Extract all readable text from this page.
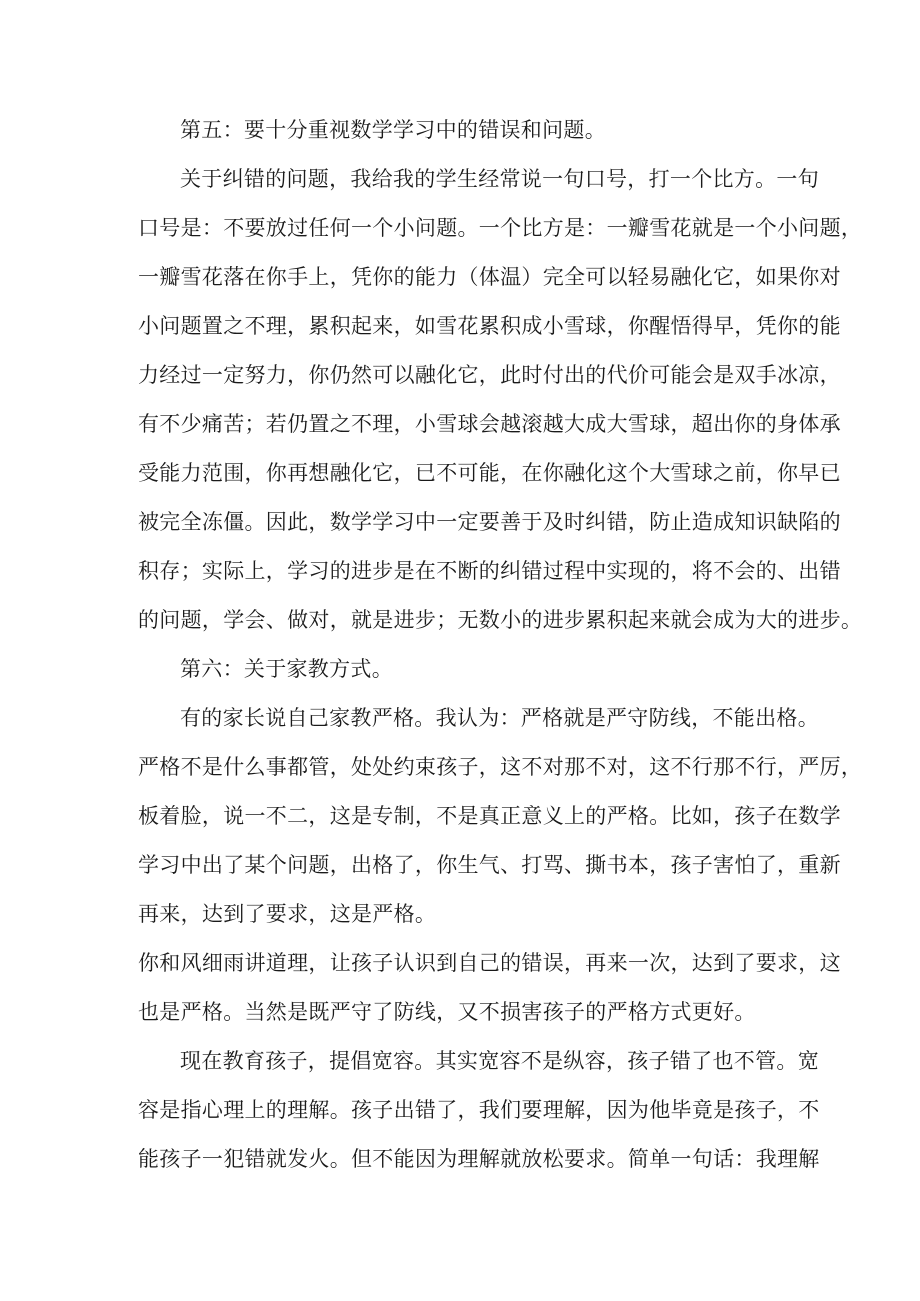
第五：要十分重视数学学习中的错误和问题。
关于纠错的问题，我给我的学生经常说一句口号，打一个比方。一句
口号是：不要放过任何一个小问题。一个比方是：一瓣雪花就是一个小问题，
一瓣雪花落在你手上，凭你的能力（体温）完全可以轻易融化它，如果你对
小问题置之不理，累积起来，如雪花累积成小雪球，你醒悟得早，凭你的能
力经过一定努力，你仍然可以融化它，此时付出的代价可能会是双手冰凉，
有不少痛苦；若仍置之不理，小雪球会越滚越大成大雪球，超出你的身体承
受能力范围，你再想融化它，已不可能，在你融化这个大雪球之前，你早已
被完全冻僵。因此，数学学习中一定要善于及时纠错，防止造成知识缺陷的
积存；实际上，学习的进步是在不断的纠错过程中实现的，将不会的、出错
的问题，学会、做对，就是进步；无数小的进步累积起来就会成为大的进步。
第六：关于家教方式。
有的家长说自己家教严格。我认为：严格就是严守防线，不能出格。
严格不是什么事都管，处处约束孩子，这不对那不对，这不行那不行，严厉，
板着脸，说一不二，这是专制，不是真正意义上的严格。比如，孩子在数学
学习中出了某个问题，出格了，你生气、打骂、撕书本，孩子害怕了，重新
再来，达到了要求，这是严格。
你和风细雨讲道理，让孩子认识到自己的错误，再来一次，达到了要求，这
也是严格。当然是既严守了防线，又不损害孩子的严格方式更好。
现在教育孩子，提倡宽容。其实宽容不是纵容，孩子错了也不管。宽
容是指心理上的理解。孩子出错了，我们要理解，因为他毕竟是孩子，不
能孩子一犯错就发火。但不能因为理解就放松要求。简单一句话：我理解
